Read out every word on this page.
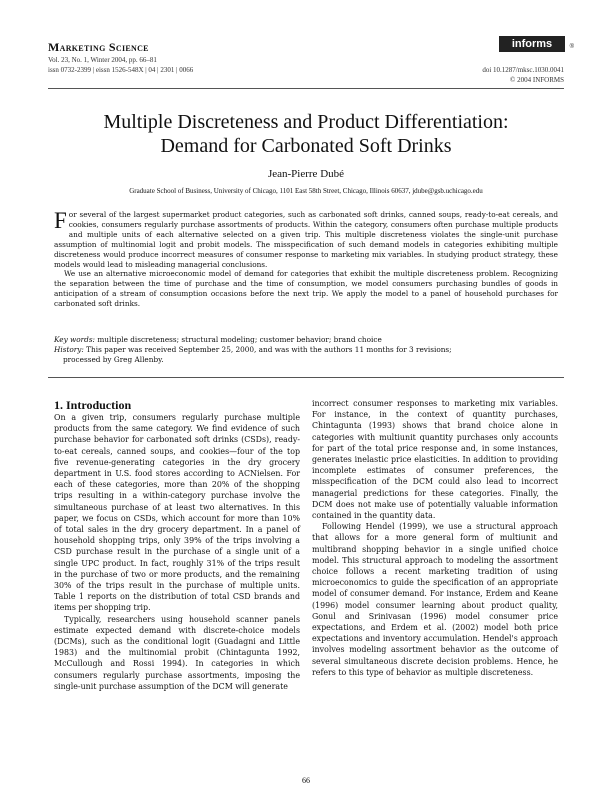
Marketing Science
Vol. 23, No. 1, Winter 2004, pp. 66–81
issn 0732-2399 | eissn 1526-548X | 04 | 2301 | 0066
informs	®
doi 10.1287/mksc.1030.0041
© 2004 INFORMS
Multiple Discreteness and Product Differentiation:
Demand for Carbonated Soft Drinks
Jean-Pierre Dubé
Graduate School of Business, University of Chicago, 1101 East 58th Street, Chicago, Illinois 60637, jdube@gsb.uchicago.edu

For several of the largest supermarket product categories, such as carbonated soft drinks, canned soups, ready-to-eat cereals, and cookies, consumers regularly purchase assortments of products. Within the category, consumers often purchase multiple products and multiple units of each alternative selected on a given trip. This multiple discreteness violates the single-unit purchase assumption of multinomial logit and probit models. The misspecification of such demand models in categories exhibiting multiple discreteness would produce incorrect measures of consumer response to marketing mix variables. In studying product strategy, these models would lead to misleading managerial conclusions.

We use an alternative microeconomic model of demand for categories that exhibit the multiple discreteness problem. Recognizing the separation between the time of purchase and the time of consumption, we model consumers purchasing bundles of goods in anticipation of a stream of consumption occasions before the next trip. We apply the model to a panel of household purchases for carbonated soft drinks.

Key words: multiple discreteness; structural modeling; customer behavior; brand choice
History: This paper was received September 25, 2000, and was with the authors 11 months for 3 revisions;
processed by Greg Allenby.
1. Introduction
On a given trip, consumers regularly purchase multiple products from the same category. We find evidence of such purchase behavior for carbonated soft drinks (CSDs), ready-to-eat cereals, canned soups, and cookies—four of the top five revenue-generating categories in the dry grocery department in U.S. food stores according to ACNielsen. For each of these categories, more than 20% of the shopping trips resulting in a within-category purchase involve the simultaneous purchase of at least two alternatives. In this paper, we focus on CSDs, which account for more than 10% of total sales in the dry grocery department. In a panel of household shopping trips, only 39% of the trips involving a CSD purchase result in the purchase of a single unit of a single UPC product. In fact, roughly 31% of the trips result in the purchase of two or more products, and the remaining 30% of the trips result in the purchase of multiple units. Table 1 reports on the distribution of total CSD brands and items per shopping trip.
Typically, researchers using household scanner panels estimate expected demand with discrete-choice models (DCMs), such as the conditional logit (Guadagni and Little 1983) and the multinomial probit (Chintagunta 1992, McCullough and Rossi 1994). In categories in which consumers regularly purchase assortments, imposing the single-unit purchase assumption of the DCM will generate
incorrect consumer responses to marketing mix variables. For instance, in the context of quantity purchases, Chintagunta (1993) shows that brand choice alone in categories with multiunit quantity purchases only accounts for part of the total price response and, in some instances, generates inelastic price elasticities. In addition to providing incomplete estimates of consumer preferences, the misspecification of the DCM could also lead to incorrect managerial predictions for these categories. Finally, the DCM does not make use of potentially valuable information contained in the quantity data.
Following Hendel (1999), we use a structural approach that allows for a more general form of multiunit and multibrand shopping behavior in a single unified choice model. This structural approach to modeling the assortment choice follows a recent marketing tradition of using microeconomics to guide the specification of an appropriate model of consumer demand. For instance, Erdem and Keane (1996) model consumer learning about product quality, Gonul and Srinivasan (1996) model consumer price expectations, and Erdem et al. (2002) model both price expectations and inventory accumulation. Hendel's approach involves modeling assortment behavior as the outcome of several simultaneous discrete decision problems. Hence, he refers to this type of behavior as multiple discreteness.
66
